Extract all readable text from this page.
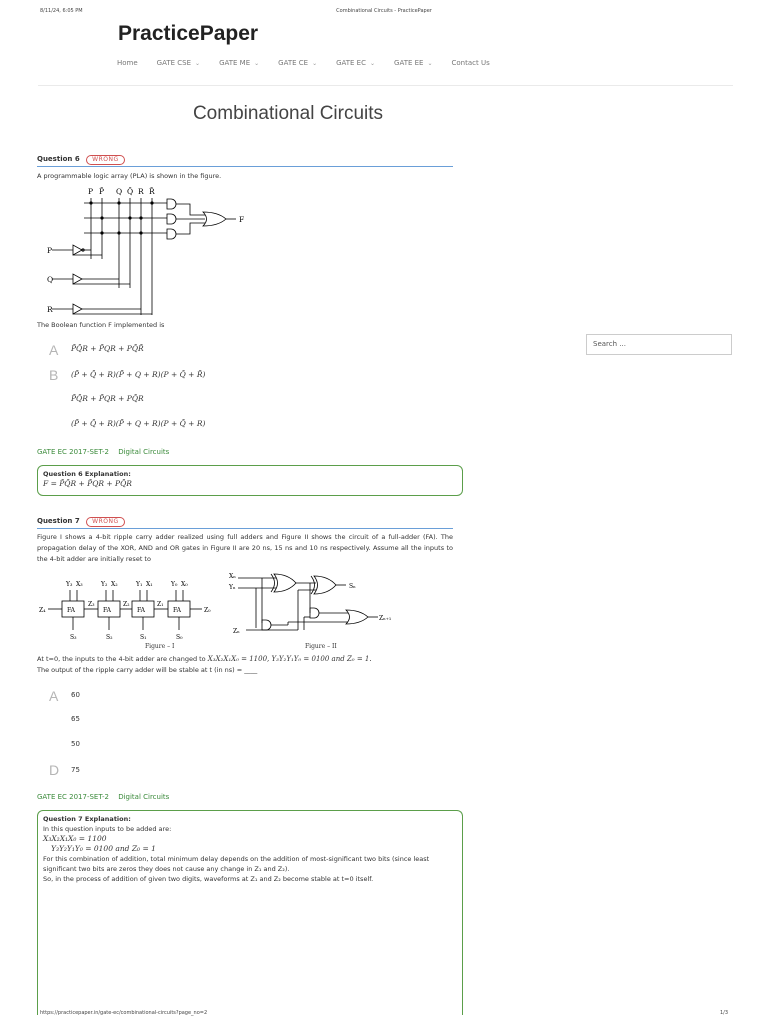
8/11/24, 6:05 PM	Combinational Circuits - PracticePaper
PracticePaper
Home	GATE CSE ⌄	GATE ME ⌄	GATE CE ⌄	GATE EC ⌄	GATE EE ⌄	Contact Us
Combinational Circuits
Search ...
Question 6 WRONG
A programmable logic array (PLA) is shown in the figure.
P P̄ Q Q̄ R R̄
P
Q
R
F
The Boolean function F implemented is
A P̄Q̄R + P̄QR + PQ̄R̄
B (P̄ + Q̄ + R)(P̄ + Q + R)(P + Q̄ + R̄)
P̄Q̄R + P̄QR + PQ̄R
(P̄ + Q̄ + R)(P̄ + Q + R)(P + Q̄ + R)
GATE EC 2017-SET-2 Digital Circuits
Question 6 Explanation:
F = P̄Q̄R + P̄QR + PQ̄R
Question 7 WRONG
Figure I shows a 4-bit ripple carry adder realized using full adders and Figure II shows the circuit of a full-adder (FA). The propagation delay of the XOR, AND and OR gates in Figure II are 20 ns, 15 ns and 10 ns respectively. Assume all the inputs to the 4-bit adder are initially reset to
FA	FA	FA	FA
Y₃ X₃	Y₂ X₂	Y₁ X₁	Y₀ X₀
Z₄
Z₃	Z₂	Z₁
Z₀
S₃	S₂	S₁	S₀
Xₙ
Yₙ
Zₙ
Sₙ
Zₙ₊₁
Figure – I	Figure – II
At t=0, the inputs to the 4-bit adder are changed to X₃X₂X₁X₀ = 1100, Y₃Y₂Y₁Y₀ = 0100 and Z₀ = 1.
The output of the ripple carry adder will be stable at t (in ns) = ____
A 60
65
50
D 75
GATE EC 2017-SET-2 Digital Circuits
Question 7 Explanation:
In this question inputs to be added are:
X₃X₂X₁X₀ = 1100
Y₃Y₂Y₁Y₀ = 0100 and Z₀ = 1
For this combination of addition, total minimum delay depends on the addition of most-significant two bits (since least significant two bits are zeros they does not cause any change in Z₁ and Z₂).
So, in the process of addition of given two digits, waveforms at Z₁ and Z₂ become stable at t=0 itself.
https://practicepaper.in/gate-ec/combinational-circuits?page_no=2	1/3
